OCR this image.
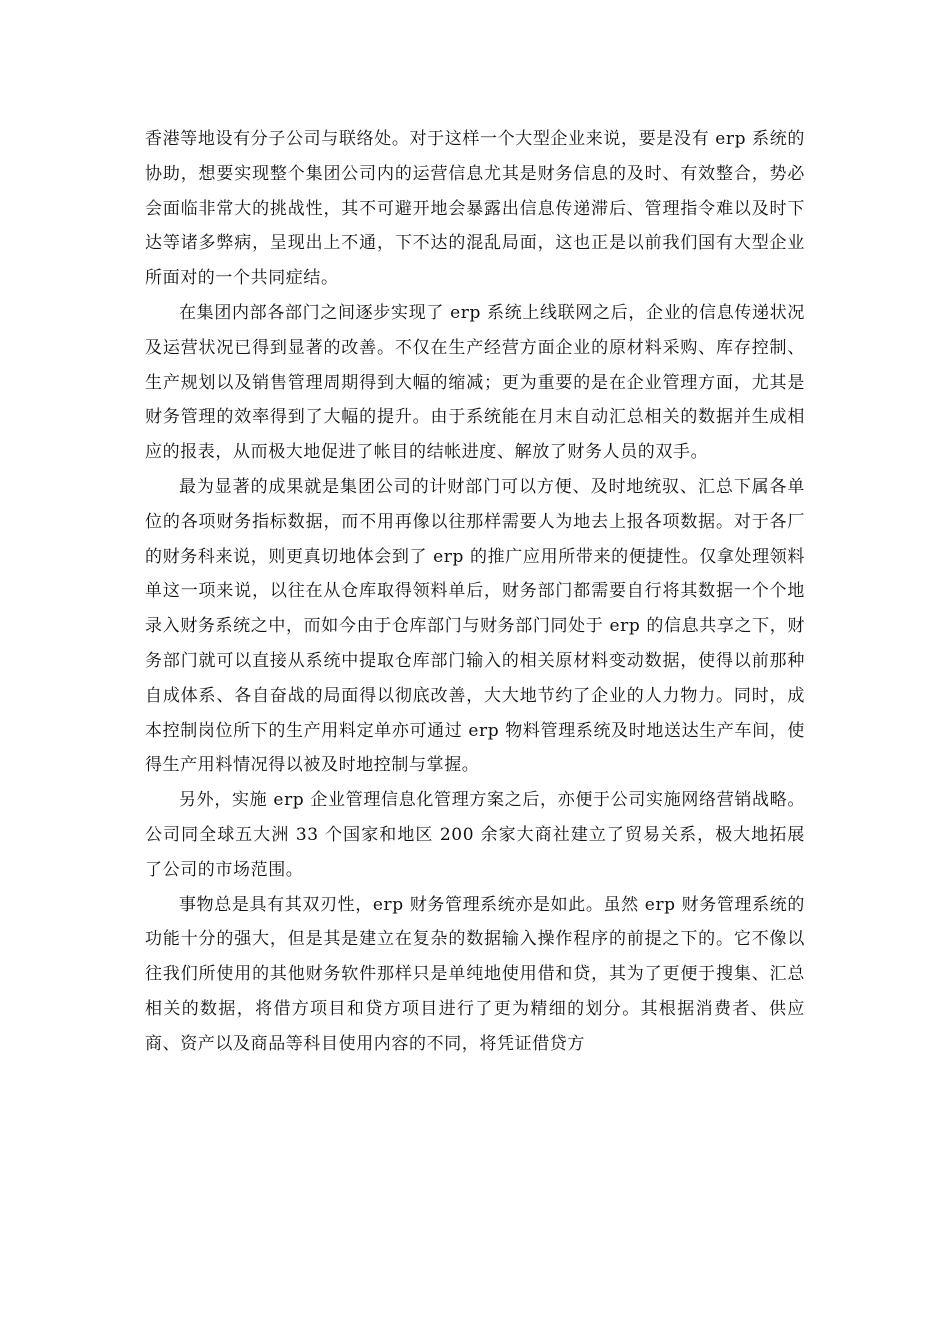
香港等地设有分子公司与联络处。对于这样一个大型企业来说，要是没有 erp 系统的协助，想要实现整个集团公司内的运营信息尤其是财务信息的及时、有效整合，势必会面临非常大的挑战性，其不可避开地会暴露出信息传递滞后、管理指令难以及时下达等诸多弊病，呈现出上不通，下不达的混乱局面，这也正是以前我们国有大型企业所面对的一个共同症结。

在集团内部各部门之间逐步实现了 erp 系统上线联网之后，企业的信息传递状况及运营状况已得到显著的改善。不仅在生产经营方面企业的原材料采购、库存控制、生产规划以及销售管理周期得到大幅的缩减；更为重要的是在企业管理方面，尤其是财务管理的效率得到了大幅的提升。由于系统能在月末自动汇总相关的数据并生成相应的报表，从而极大地促进了帐目的结帐进度、解放了财务人员的双手。

最为显著的成果就是集团公司的计财部门可以方便、及时地统驭、汇总下属各单位的各项财务指标数据，而不用再像以往那样需要人为地去上报各项数据。对于各厂的财务科来说，则更真切地体会到了 erp 的推广应用所带来的便捷性。仅拿处理领料单这一项来说，以往在从仓库取得领料单后，财务部门都需要自行将其数据一个个地录入财务系统之中，而如今由于仓库部门与财务部门同处于 erp 的信息共享之下，财务部门就可以直接从系统中提取仓库部门输入的相关原材料变动数据，使得以前那种自成体系、各自奋战的局面得以彻底改善，大大地节约了企业的人力物力。同时，成本控制岗位所下的生产用料定单亦可通过 erp 物料管理系统及时地送达生产车间，使得生产用料情况得以被及时地控制与掌握。

另外，实施 erp 企业管理信息化管理方案之后，亦便于公司实施网络营销战略。公司同全球五大洲 33 个国家和地区 200 余家大商社建立了贸易关系，极大地拓展了公司的市场范围。

事物总是具有其双刃性，erp 财务管理系统亦是如此。虽然 erp 财务管理系统的功能十分的强大，但是其是建立在复杂的数据输入操作程序的前提之下的。它不像以往我们所使用的其他财务软件那样只是单纯地使用借和贷，其为了更便于搜集、汇总相关的数据，将借方项目和贷方项目进行了更为精细的划分。其根据消费者、供应商、资产以及商品等科目使用内容的不同，将凭证借贷方
